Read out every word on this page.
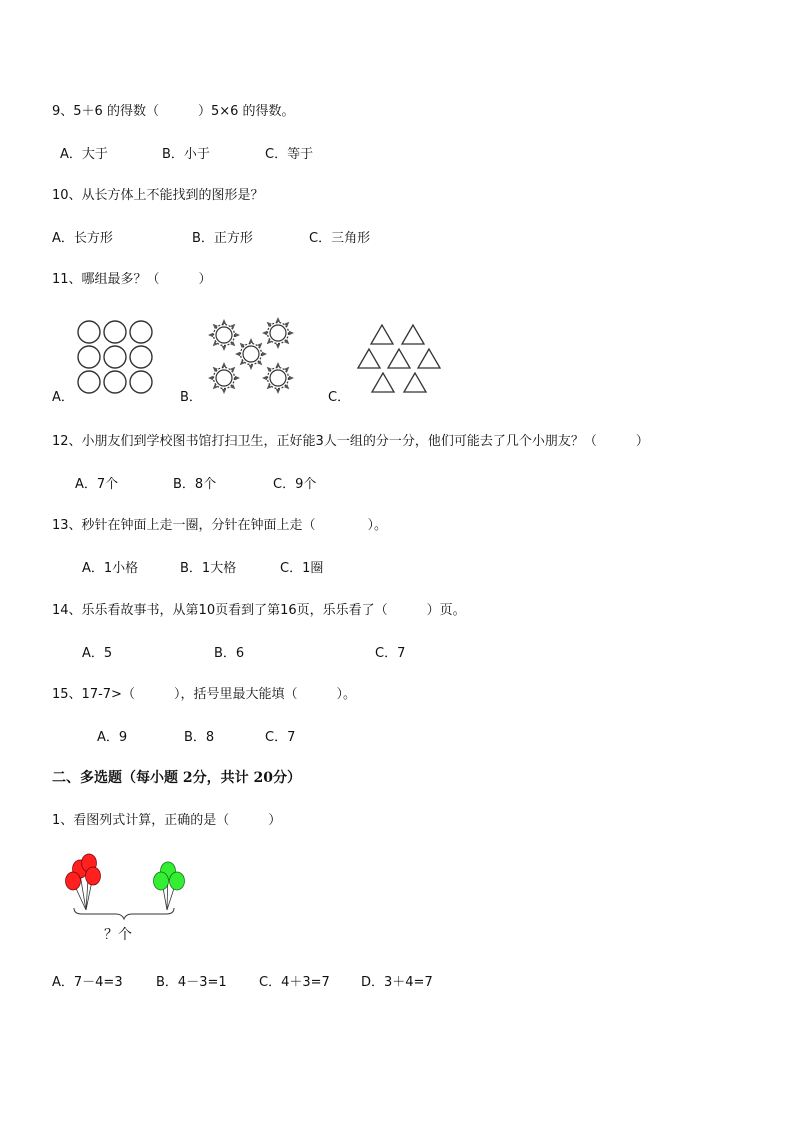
9、5＋6 的得数（　　　）5×6 的得数。
A．大于	B．小于	C．等于
10、从长方体上不能找到的图形是？
A．长方形	B．正方形	C．三角形
11、哪组最多？（　　　）
A．	B．	C．
12、小朋友们到学校图书馆打扫卫生，正好能3人一组的分一分，他们可能去了几个小朋友？（　　　）
A．7个	B．8个	C．9个
13、秒针在钟面上走一圈，分针在钟面上走（　　　　）。
A．1小格	B．1大格	C．1圈
14、乐乐看故事书，从第10页看到了第16页，乐乐看了（　　　）页。
A．5	B．6	C．7
15、17-7>（　　　），括号里最大能填（　　　）。
A．9	B．8	C．7
二、多选题（每小题 2分，共计 20分）
1、看图列式计算，正确的是（　　　）
？个
A．7－4=3	B．4－3=1 C．4＋3=7 D．3＋4=7
